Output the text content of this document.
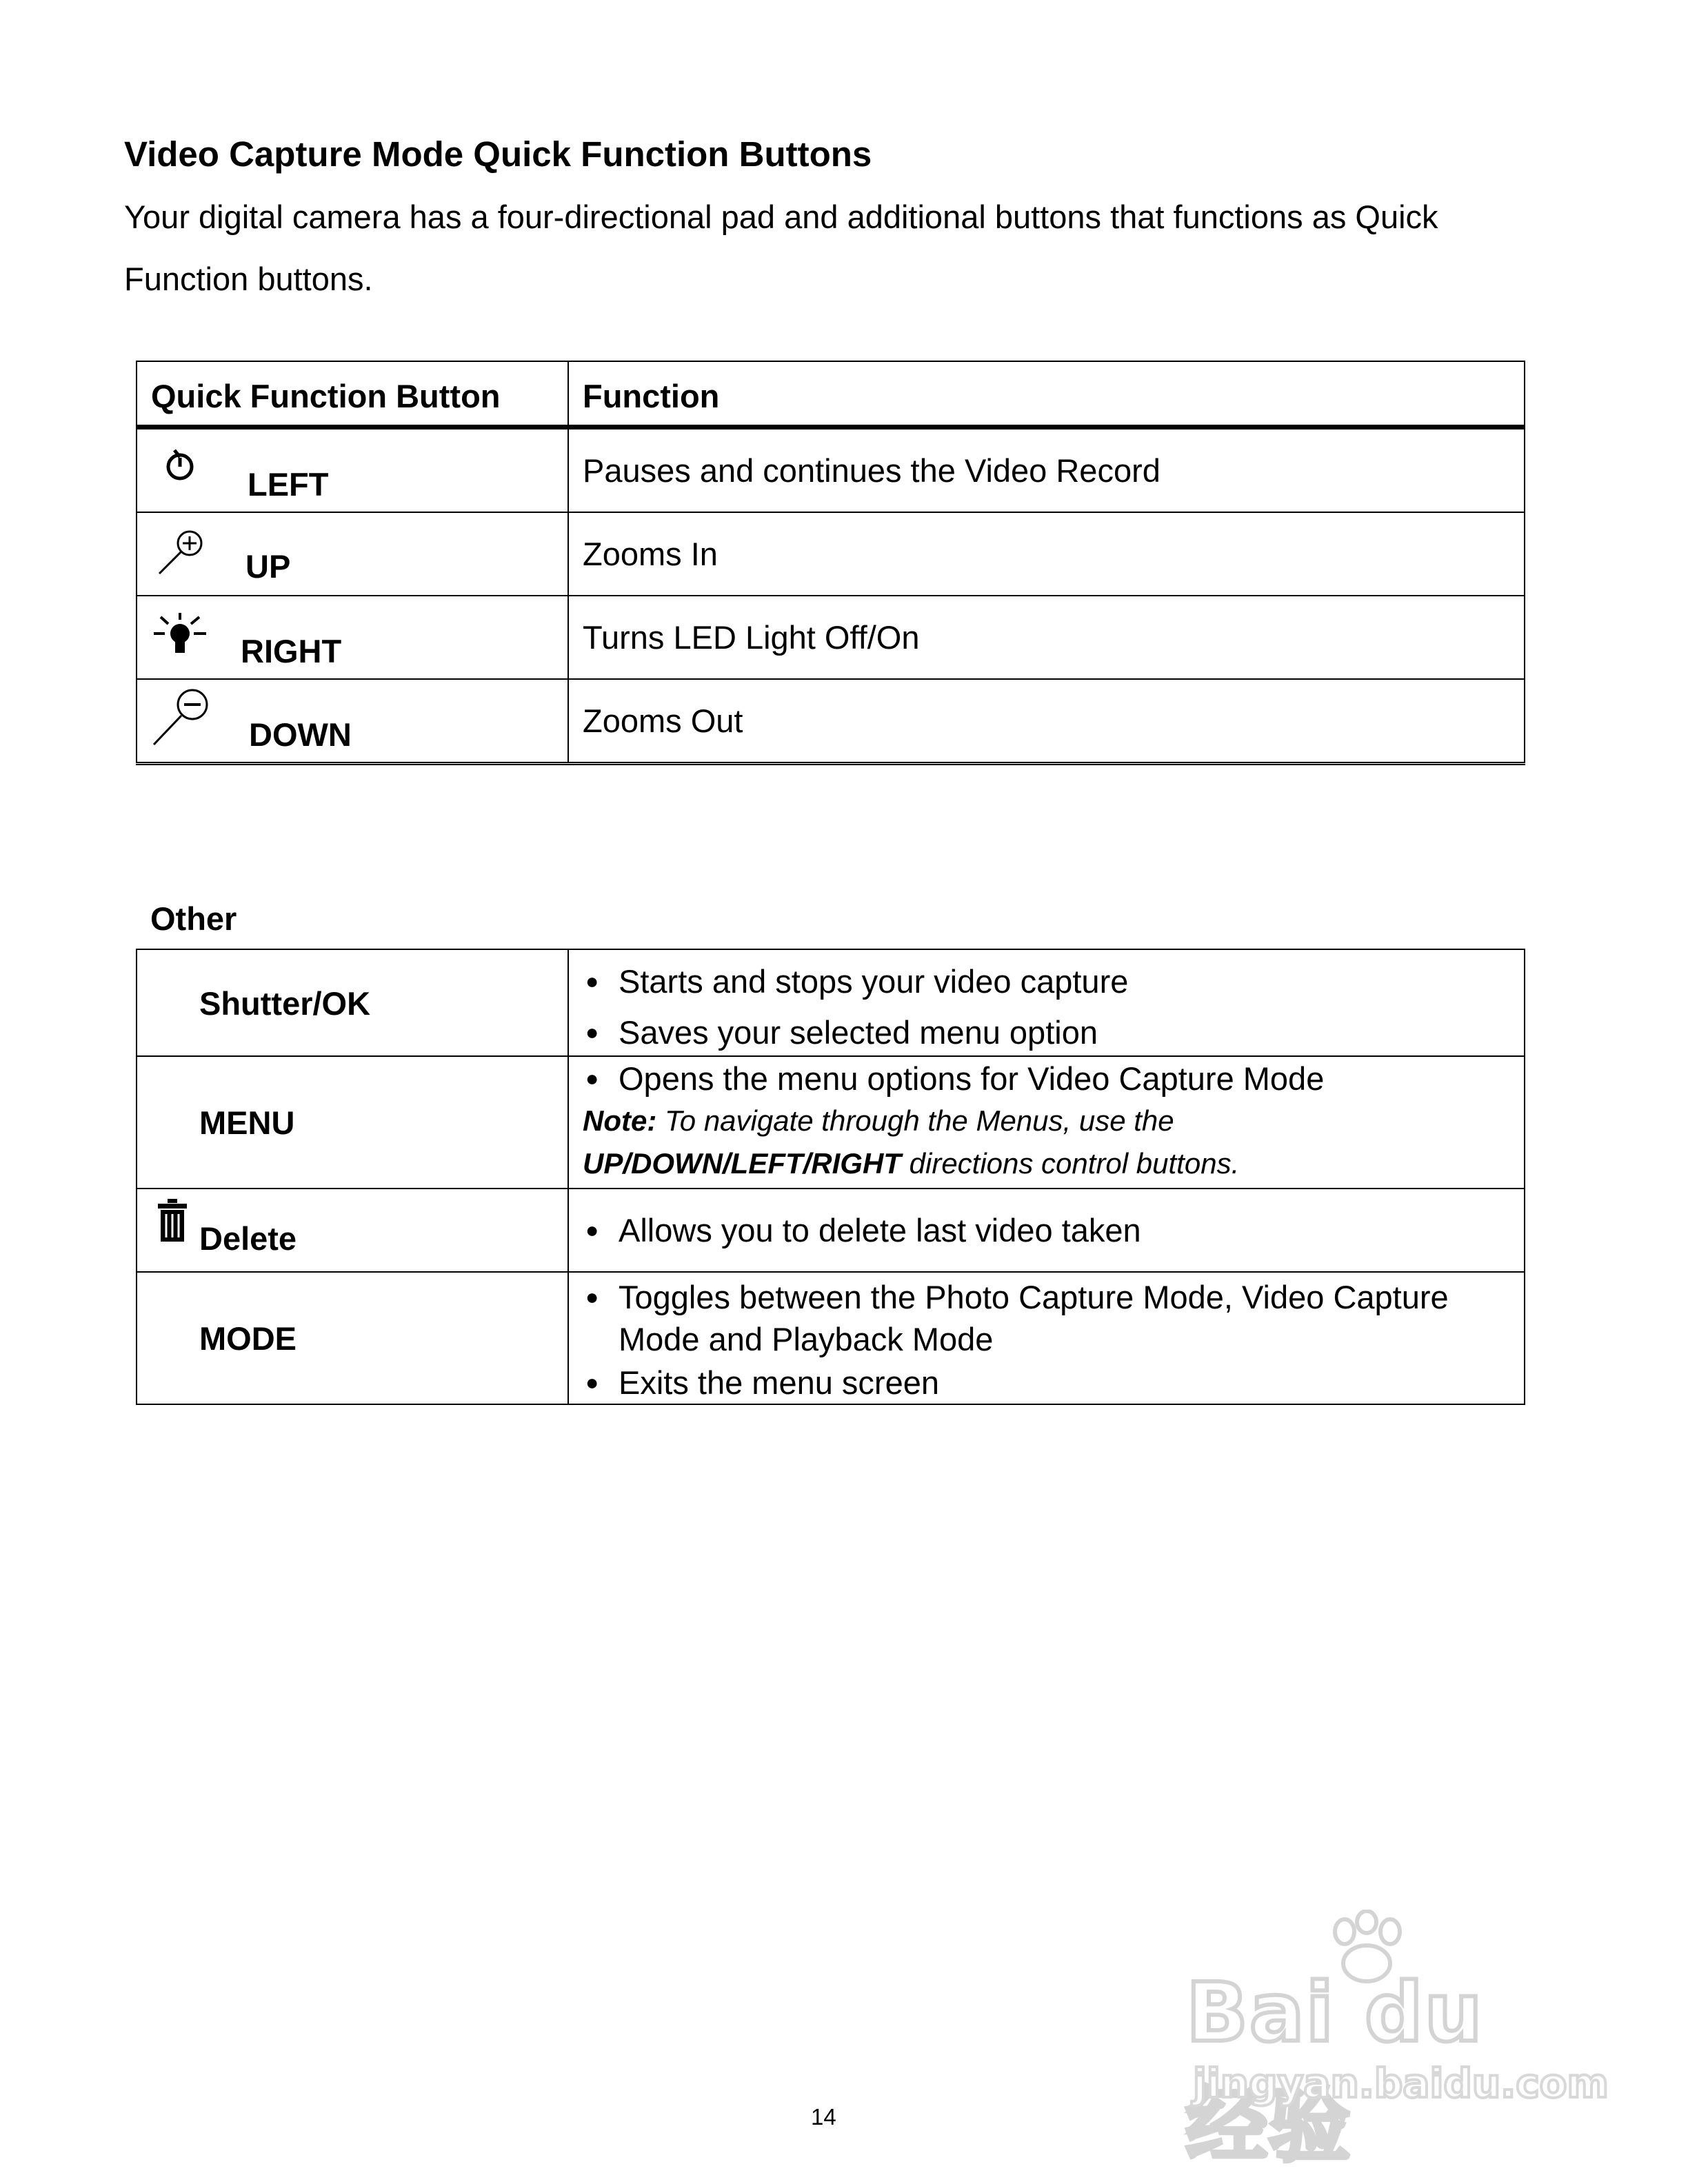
Video Capture Mode Quick Function Buttons

Your digital camera has a four-directional pad and additional buttons that functions as Quick Function buttons.

Quick Function Button	Function

LEFT	Pauses and continues the Video Record

UP	Zooms In

RIGHT	Turns LED Light Off/On

DOWN	Zooms Out

Other

Shutter/OK	● Starts and stops your video capture
● Saves your selected menu option

MENU	● Opens the menu options for Video Capture Mode
Note: To navigate through the Menus, use the
UP/DOWN/LEFT/RIGHT directions control buttons.

Delete	● Allows you to delete last video taken

MODE	● Toggles between the Photo Capture Mode, Video Capture
Mode and Playback Mode
● Exits the menu screen
Bai du 经验
jingyan.baidu.com

14
